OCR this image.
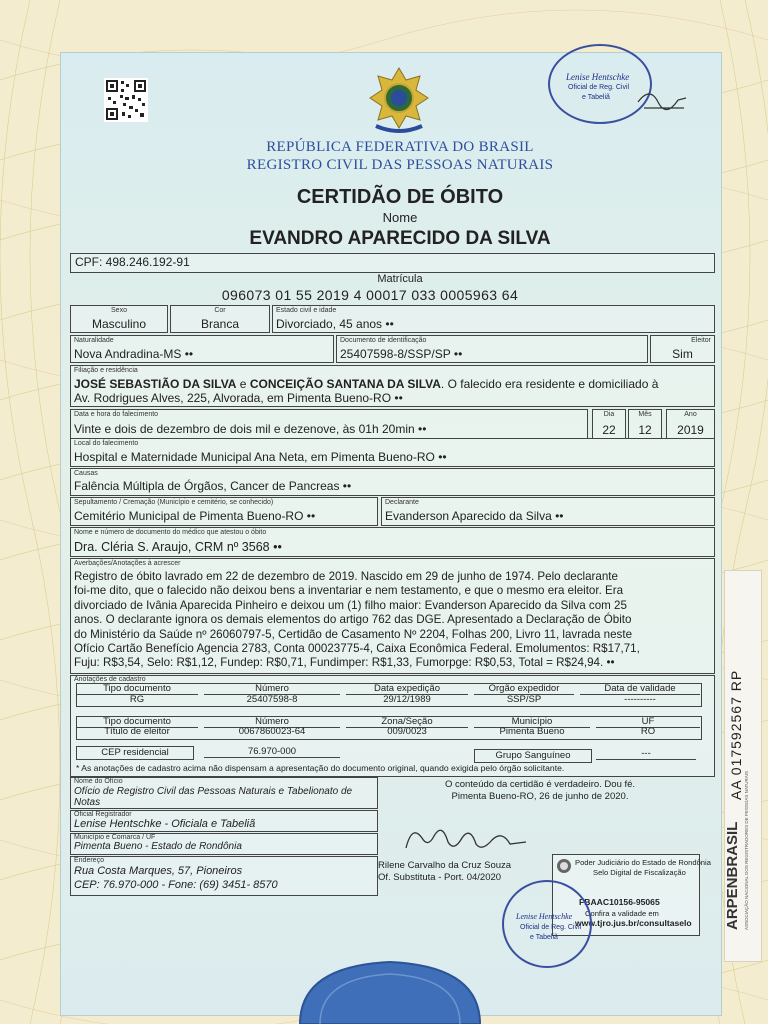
Lenise Hentschke
Oficial de Reg. Civil
e Tabeliã
REPÚBLICA FEDERATIVA DO BRASIL
REGISTRO CIVIL DAS PESSOAS NATURAIS
CERTIDÃO DE ÓBITO
Nome
EVANDRO APARECIDO DA SILVA
CPF: 498.246.192-91
Matrícula
096073 01 55 2019 4 00017 033 0005963 64
Sexo
Masculino
Cor
Branca
Estado civil e idade
Divorciado, 45 anos ••
Naturalidade
Nova Andradina-MS ••
Documento de identificação
25407598-8/SSP/SP ••
Eleitor
Sim
Filiação e residência
JOSÉ SEBASTIÃO DA SILVA e CONCEIÇÃO SANTANA DA SILVA. O falecido era residente e domiciliado à
Av. Rodrigues Alves, 225, Alvorada, em Pimenta Bueno-RO ••
Data e hora do falecimento
Vinte e dois de dezembro de dois mil e dezenove, às 01h 20min ••
Dia
22
Mês
12
Ano
2019
Local do falecimento
Hospital e Maternidade Municipal Ana Neta, em Pimenta Bueno-RO ••
Causas
Falência Múltipla de Órgãos, Cancer de Pancreas ••
Sepultamento / Cremação (Município e cemitério, se conhecido)
Cemitério Municipal de Pimenta Bueno-RO ••
Declarante
Evanderson Aparecido da Silva ••
Nome e número de documento do médico que atestou o óbito
Dra. Cléria S. Araujo, CRM nº 3568 ••
Averbações/Anotações à acrescer
Registro de óbito lavrado em 22 de dezembro de 2019. Nascido em 29 de junho de 1974. Pelo declarante
foi-me dito, que o falecido não deixou bens a inventariar e nem testamento, e que o mesmo era eleitor. Era
divorciado de Ivânia Aparecida Pinheiro e deixou um (1) filho maior: Evanderson Aparecido da Silva com 25
anos. O declarante ignora os demais elementos do artigo 762 das DGE. Apresentado a Declaração de Óbito
do Ministério da Saúde nº 26060797-5, Certidão de Casamento Nº 2204, Folhas 200, Livro 11, lavrada neste
Ofício Cartão Benefício Agencia 2783, Conta 00023775-4, Caixa Econômica Federal. Emolumentos: R$17,71,
Fuju: R$3,54, Selo: R$1,12, Fundep: R$0,71, Fundimper: R$1,33, Fumorpge: R$0,53, Total = R$24,94. ••
Anotações de cadastro
Tipo documento	Número	Data expedição	Orgão expedidor	Data de validade
RG	25407598-8	29/12/1989	SSP/SP	----------
Tipo documento	Número	Zona/Seção	Município	UF
Título de eleitor	0067860023-64	009/0023	Pimenta Bueno	RO
CEP residencial	76.970-000	Grupo Sanguíneo	---
* As anotações de cadastro acima não dispensam a apresentação do documento original, quando exigida pelo órgão solicitante.
Nome do Ofício
Ofício de Registro Civil das Pessoas Naturais e Tabelionato de
Notas
Oficial Registrador
Lenise Hentschke - Oficiala e Tabeliã
Município e Comarca / UF
Pimenta Bueno - Estado de Rondônia
Endereço
Rua Costa Marques, 57, Pioneiros
CEP: 76.970-000 - Fone: (69) 3451- 8570
O conteúdo da certidão é verdadeiro. Dou fé.
Pimenta Bueno-RO, 26 de junho de 2020.
Rilene Carvalho da Cruz Souza
Of. Substituta - Port. 04/2020
Poder Judiciário do Estado de Rondônia
Selo Digital de Fiscalização
FBAAC10156-95065
Confira a validade em
www.tjro.jus.br/consultaselo
Lenise Hentschke
Oficial de Reg. Civil
e Tabeliã
ARPENBRASIL ASSOCIAÇÃO NACIONAL DOS REGISTRADORES DE PESSOAS NATURAIS
AA 017592567 RP
